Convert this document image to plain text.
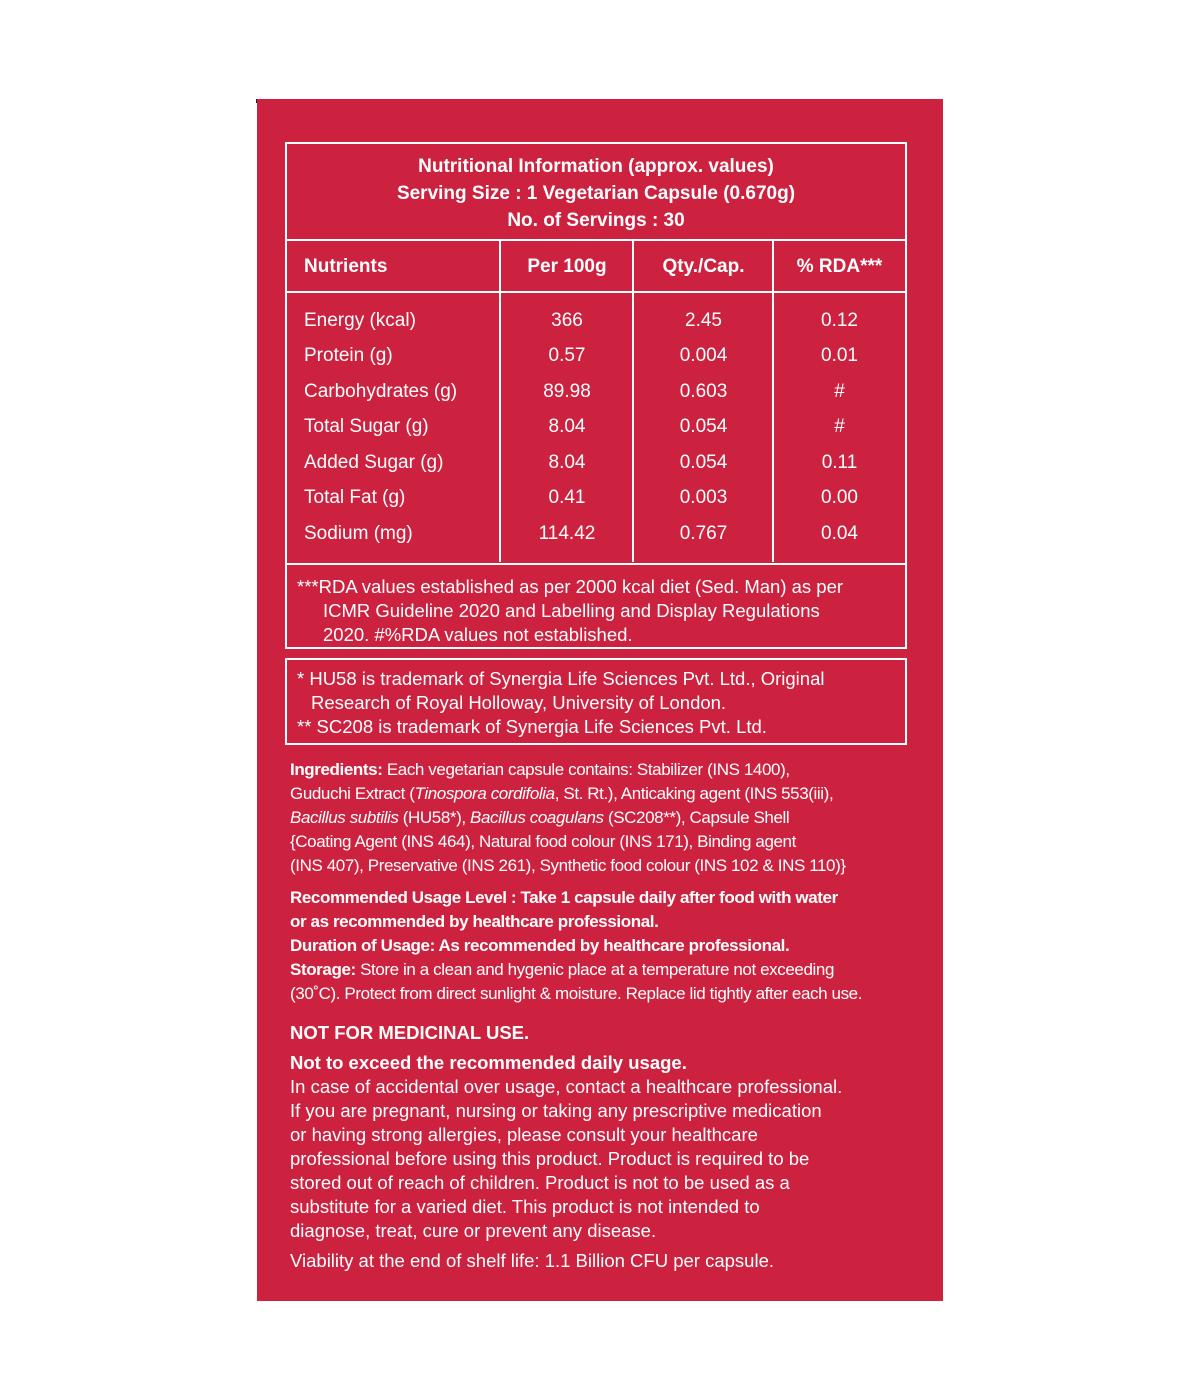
Nutritional Information (approx. values)
Serving Size : 1 Vegetarian Capsule (0.670g)
No. of Servings : 30
Nutrients	Per 100g	Qty./Cap.	% RDA***
Energy (kcal)	366	2.45	0.12
Protein (g)	0.57	0.004	0.01
Carbohydrates (g)	89.98	0.603	#
Total Sugar (g)	8.04	0.054	#
Added Sugar (g)	8.04	0.054	0.11
Total Fat (g)	0.41	0.003	0.00
Sodium (mg)	114.42	0.767	0.04
***RDA values established as per 2000 kcal diet (Sed. Man) as per
ICMR Guideline 2020 and Labelling and Display Regulations
2020. #%RDA values not established.
* HU58 is trademark of Synergia Life Sciences Pvt. Ltd., Original
Research of Royal Holloway, University of London.
** SC208 is trademark of Synergia Life Sciences Pvt. Ltd.
Ingredients: Each vegetarian capsule contains: Stabilizer (INS 1400),
Guduchi Extract (Tinospora cordifolia, St. Rt.), Anticaking agent (INS 553(iii),
Bacillus subtilis (HU58*), Bacillus coagulans (SC208**), Capsule Shell
{Coating Agent (INS 464), Natural food colour (INS 171), Binding agent
(INS 407), Preservative (INS 261), Synthetic food colour (INS 102 & INS 110)}
Recommended Usage Level : Take 1 capsule daily after food with water
or as recommended by healthcare professional.
Duration of Usage: As recommended by healthcare professional.
Storage: Store in a clean and hygenic place at a temperature not exceeding
(30˚C). Protect from direct sunlight & moisture. Replace lid tightly after each use.
NOT FOR MEDICINAL USE.
Not to exceed the recommended daily usage.
In case of accidental over usage, contact a healthcare professional.
If you are pregnant, nursing or taking any prescriptive medication
or having strong allergies, please consult your healthcare
professional before using this product. Product is required to be
stored out of reach of children. Product is not to be used as a
substitute for a varied diet. This product is not intended to
diagnose, treat, cure or prevent any disease.
Viability at the end of shelf life: 1.1 Billion CFU per capsule.
